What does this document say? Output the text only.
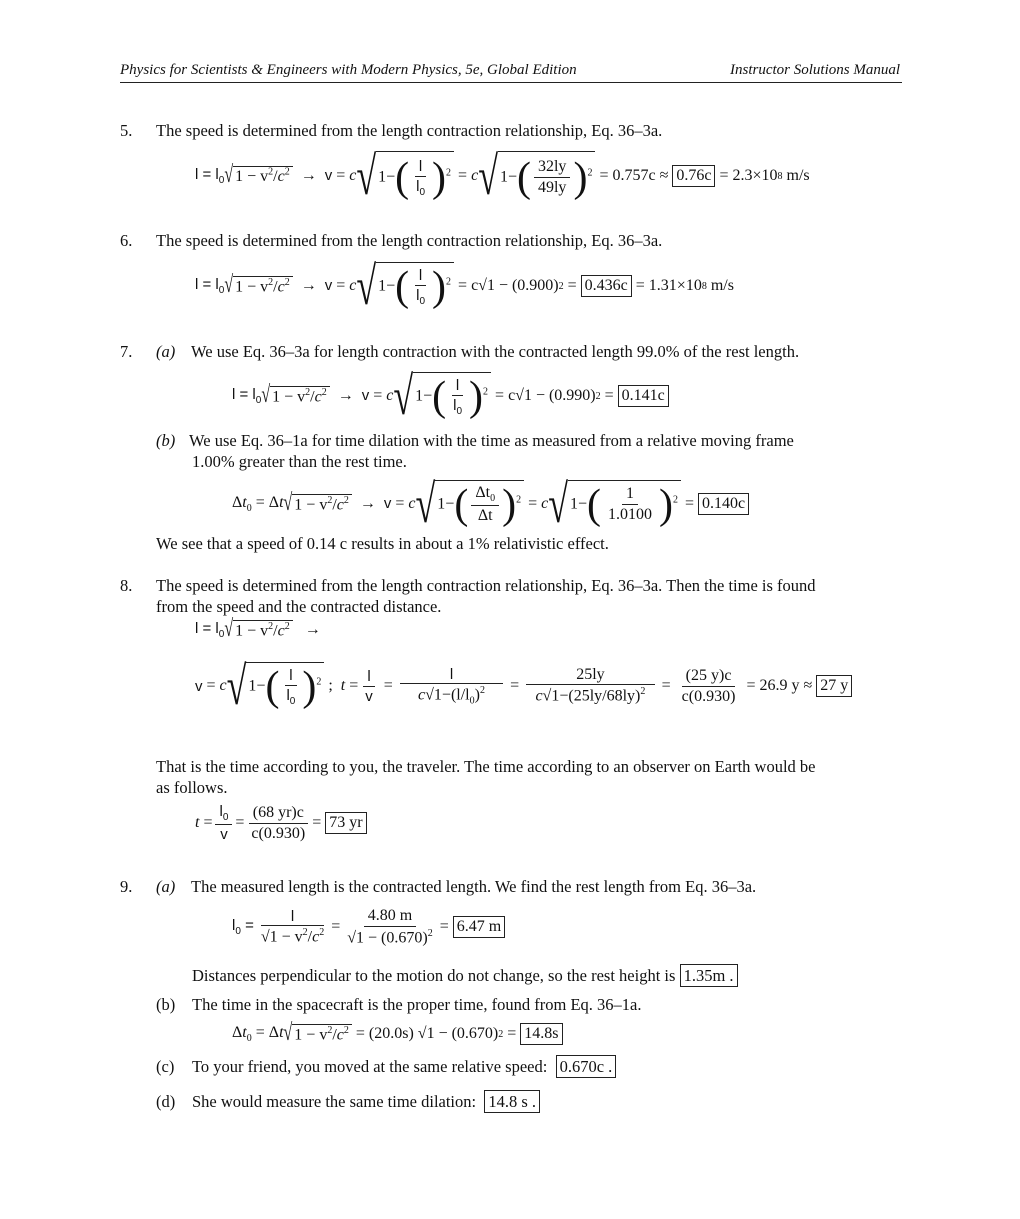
Physics for Scientists & Engineers with Modern Physics, 5e, Global Edition	Instructor Solutions Manual
5. The speed is determined from the length contraction relationship, Eq. 36–3a.
$l = l_0$ √ $1 - v^2/c^2 \to v = c$ √ $1-( \frac{l}{l_0} )^2 = c$ √ $1-( \frac{32ly}{49ly} )^2$
= 0.757c ≈
0.76c
= 2.3×10 8
m/s
6. The speed is determined from the length contraction relationship, Eq. 36–3a.
$l = l_0$ √ $1 - v^2/c^2 \to v = c$ √ $1-( \frac{l}{l_0} )^2$
= c√1 − (0.900) 2 = 0.436c
= 1.31×10 8
m/s
7. (a) We use Eq. 36–3a for length contraction with the contracted length 99.0% of the rest length.
$l = l_0$ √ $1 - v^2/c^2 \to v = c$ √ $1-( \frac{l}{l_0} )^2$
= c√1 − (0.990) 2 = 0.141c
(b) We use Eq. 36–1a for time dilation with the time as measured from a relative moving frame
1.00% greater than the rest time.
$\Delta t_0 = \Delta t$ √ $1 - v^2/c^2 \to v = c$ √ $1-( \frac{\Delta t_0}{\Delta t} )^2 = c$ √ $1-( \frac{1}{1.0100} )^2 = 0.140c$
We see that a speed of 0.14 c results in about a 1% relativistic effect.
8. The speed is determined from the length contraction relationship, Eq. 36–3a. Then the time is found
from the speed and the contracted distance.
$l = l_0$ √ $1 - v^2/c^2$ →
v = c √ $1-( \frac{l}{l_0} )^2$ ;  $t = \frac{l}{v} = \frac{l}{c√1-(l/l_0)^2} = \frac{25ly}{c√1-(25ly/68ly)^2} = \frac{(25 y)c}{c(0.930)}$
= 26.9 y ≈
27 y
That is the time according to you, the traveler. The time according to an observer on Earth would be
as follows.
$t = \frac{l_0}{v} = \frac{(68 yr)c}{c(0.930)} = 73$ yr
9. (a) The measured length is the contracted length. We find the rest length from Eq. 36–3a.
$l_0 = \frac{l}{√1 - v^2/c^2} = \frac{4.80 m}{√1 - (0.670)^2} = 6.47$ m
Distances perpendicular to the motion do not change, so the rest height is 1.35m .
(b) The time in the spacecraft is the proper time, found from Eq. 36–1a.
$\Delta t_0 = \Delta t$ √ $1 - v^2/c^2$
= (20.0s) √1 − (0.670) 2 = 14.8s
(c) To your friend, you moved at the same relative speed: 0.670c .
(d) She would measure the same time dilation: 14.8 s .
